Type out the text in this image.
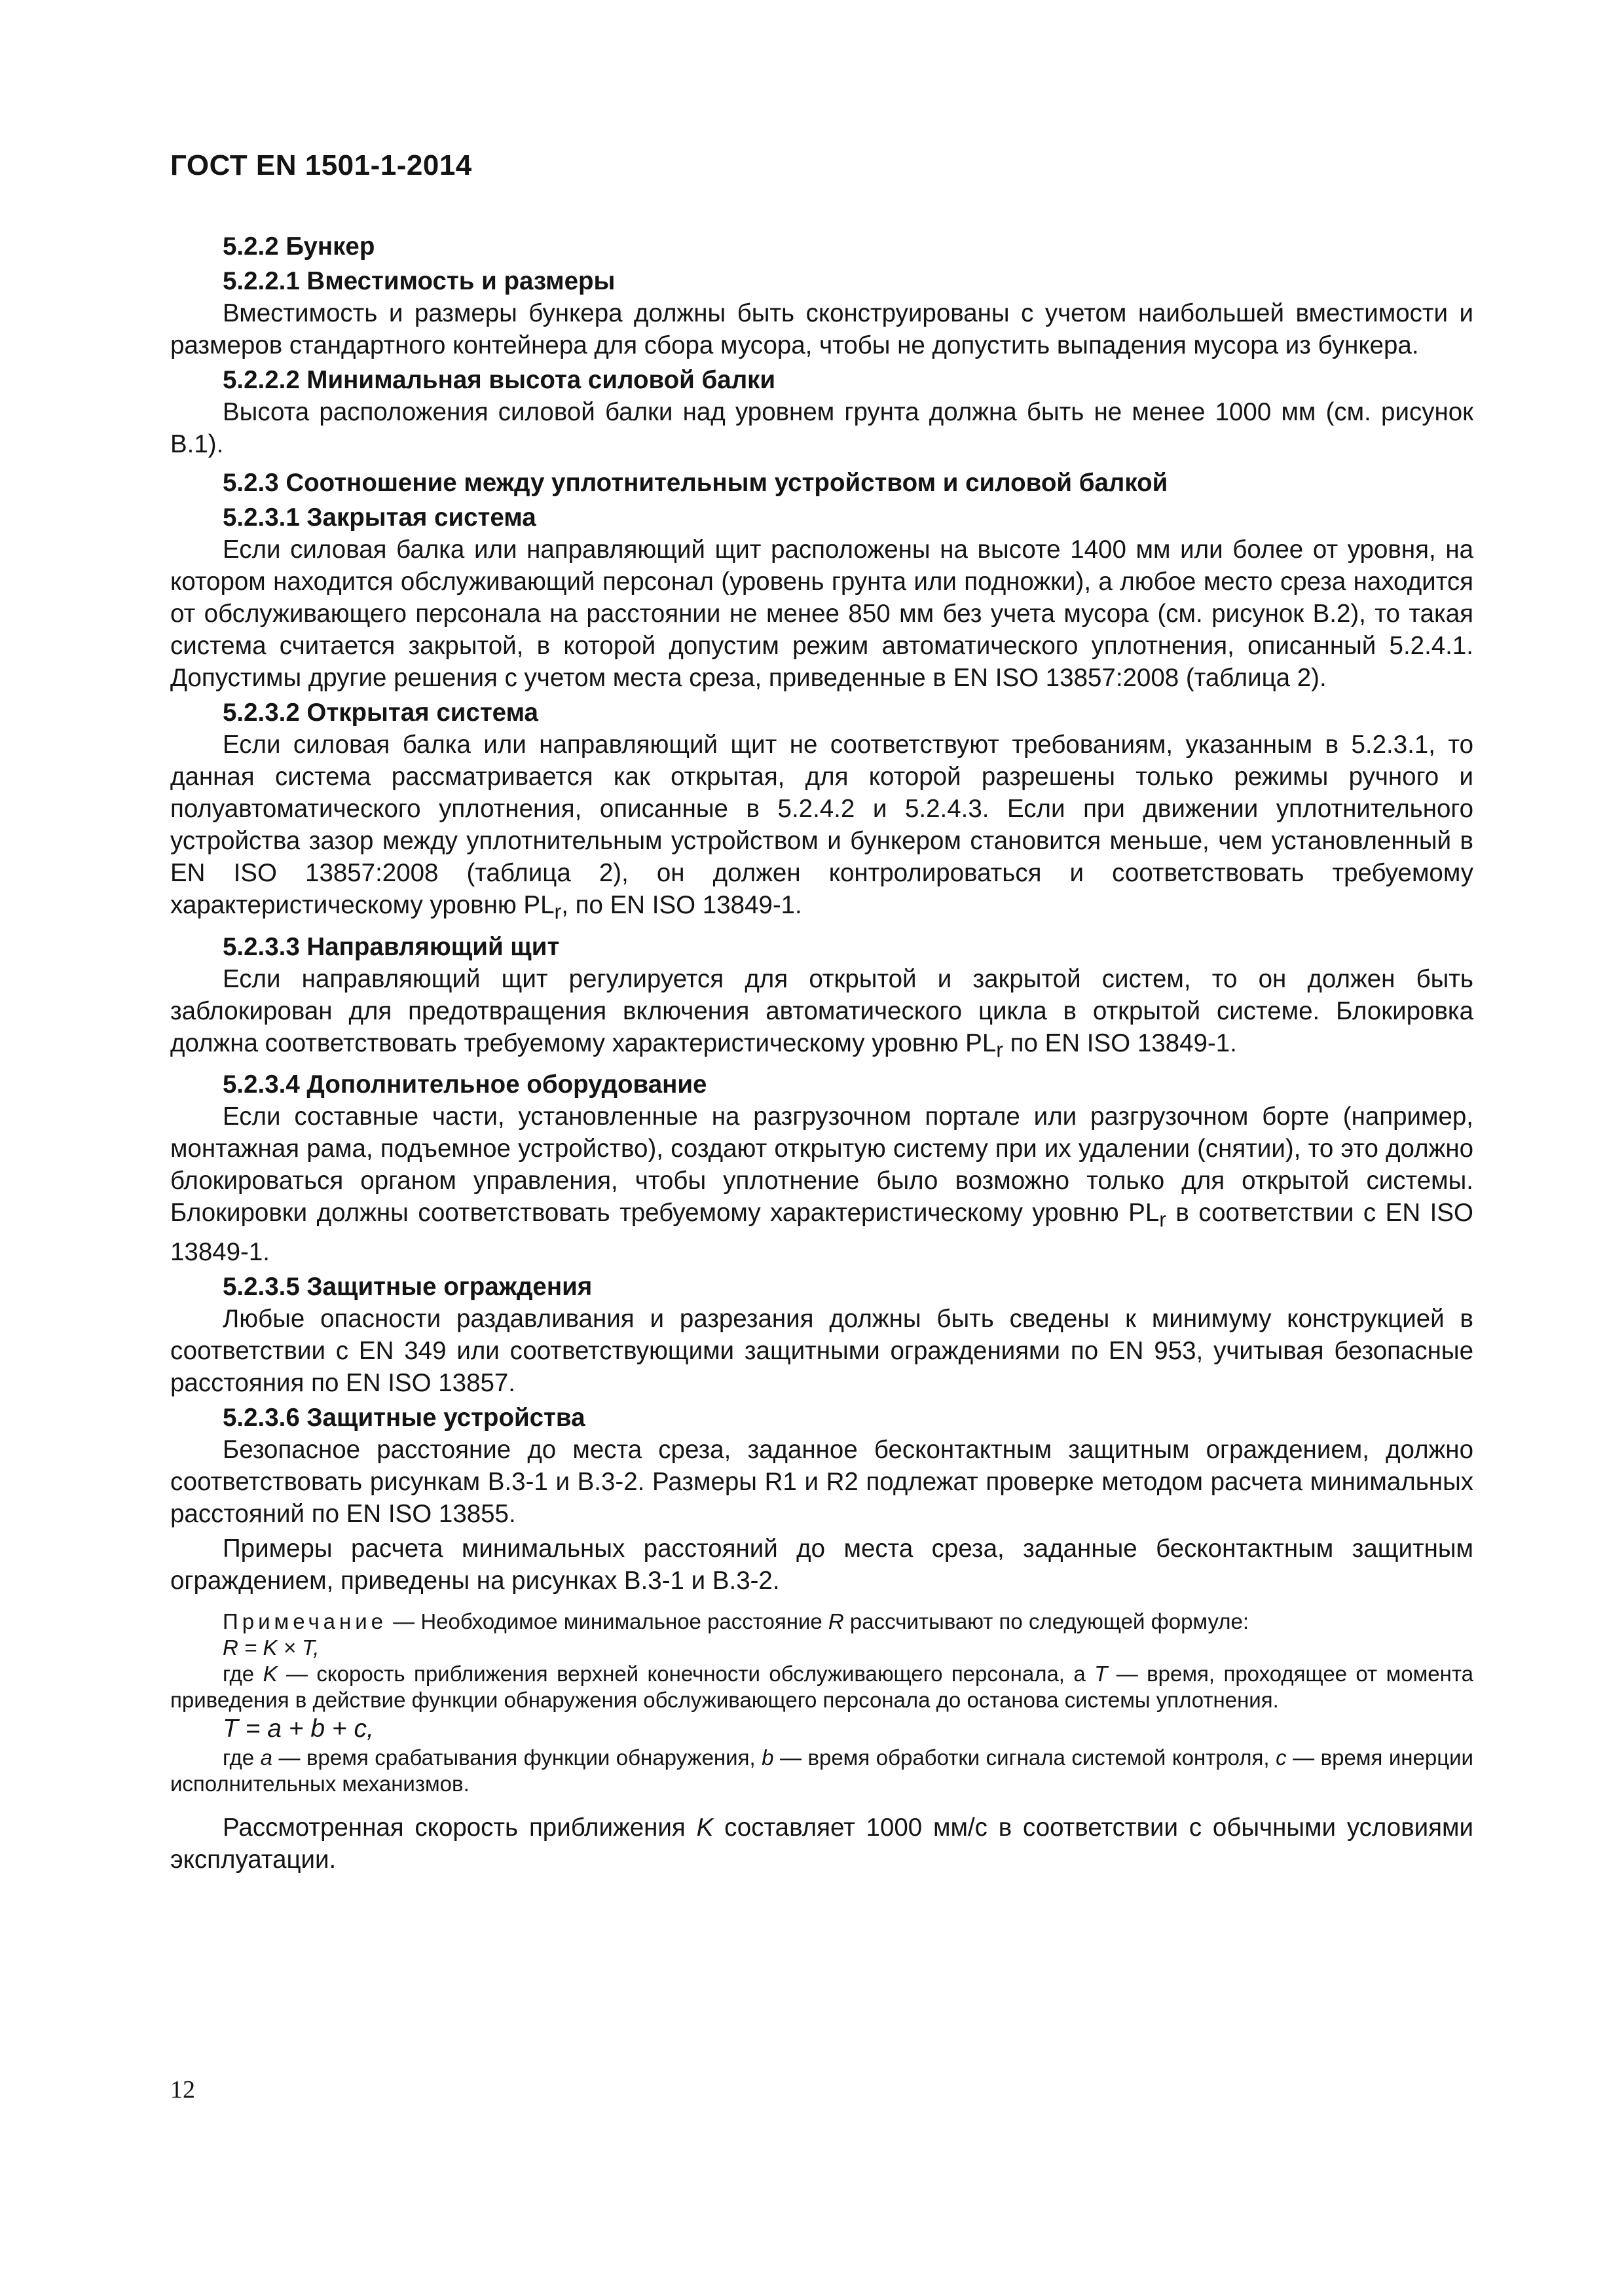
ГОСТ EN 1501-1-2014

5.2.2 Бункер

5.2.2.1 Вместимость и размеры

Вместимость и размеры бункера должны быть сконструированы с учетом наибольшей вместимости и размеров стандартного контейнера для сбора мусора, чтобы не допустить выпадения мусора из бункера.

5.2.2.2 Минимальная высота силовой балки

Высота расположения силовой балки над уровнем грунта должна быть не менее 1000 мм (см. рисунок В.1).

5.2.3 Соотношение между уплотнительным устройством и силовой балкой

5.2.3.1 Закрытая система

Если силовая балка или направляющий щит расположены на высоте 1400 мм или более от уровня, на котором находится обслуживающий персонал (уровень грунта или подножки), а любое место среза находится от обслуживающего персонала на расстоянии не менее 850 мм без учета мусора (см. рисунок В.2), то такая система считается закрытой, в которой допустим режим автоматического уплотнения, описанный 5.2.4.1. Допустимы другие решения с учетом места среза, приведенные в EN ISO 13857:2008 (таблица 2).

5.2.3.2 Открытая система

Если силовая балка или направляющий щит не соответствуют требованиям, указанным в 5.2.3.1, то данная система рассматривается как открытая, для которой разрешены только режимы ручного и полуавтоматического уплотнения, описанные в 5.2.4.2 и 5.2.4.3. Если при движении уплотнительного устройства зазор между уплотнительным устройством и бункером становится меньше, чем установленный в EN ISO 13857:2008 (таблица 2), он должен контролироваться и соответствовать требуемому характеристическому уровню $PL_r$, по EN ISO 13849-1.

5.2.3.3 Направляющий щит

Если направляющий щит регулируется для открытой и закрытой систем, то он должен быть заблокирован для предотвращения включения автоматического цикла в открытой системе. Блокировка должна соответствовать требуемому характеристическому уровню $PL_r$ по EN ISO 13849-1.

5.2.3.4 Дополнительное оборудование

Если составные части, установленные на разгрузочном портале или разгрузочном борте (например, монтажная рама, подъемное устройство), создают открытую систему при их удалении (снятии), то это должно блокироваться органом управления, чтобы уплотнение было возможно только для открытой системы. Блокировки должны соответствовать требуемому характеристическому уровню $PL_r$ в соответствии с EN ISO 13849-1.

5.2.3.5 Защитные ограждения

Любые опасности раздавливания и разрезания должны быть сведены к минимуму конструкцией в соответствии с EN 349 или соответствующими защитными ограждениями по EN 953, учитывая безопасные расстояния по EN ISO 13857.

5.2.3.6 Защитные устройства

Безопасное расстояние до места среза, заданное бесконтактным защитным ограждением, должно соответствовать рисункам В.3-1 и В.3-2. Размеры R1 и R2 подлежат проверке методом расчета минимальных расстояний по EN ISO 13855.

Примеры расчета минимальных расстояний до места среза, заданные бесконтактным защитным ограждением, приведены на рисунках В.3-1 и В.3-2.

Примечание — Необходимое минимальное расстояние R рассчитывают по следующей формуле:

R = K × T,

где K — скорость приближения верхней конечности обслуживающего персонала, а T — время, проходящее от момента приведения в действие функции обнаружения обслуживающего персонала до останова системы уплотнения.

T = a + b + c,

где a — время срабатывания функции обнаружения, b — время обработки сигнала системой контроля, c — время инерции исполнительных механизмов.

Рассмотренная скорость приближения K составляет 1000 мм/с в соответствии с обычными условиями эксплуатации.

12
